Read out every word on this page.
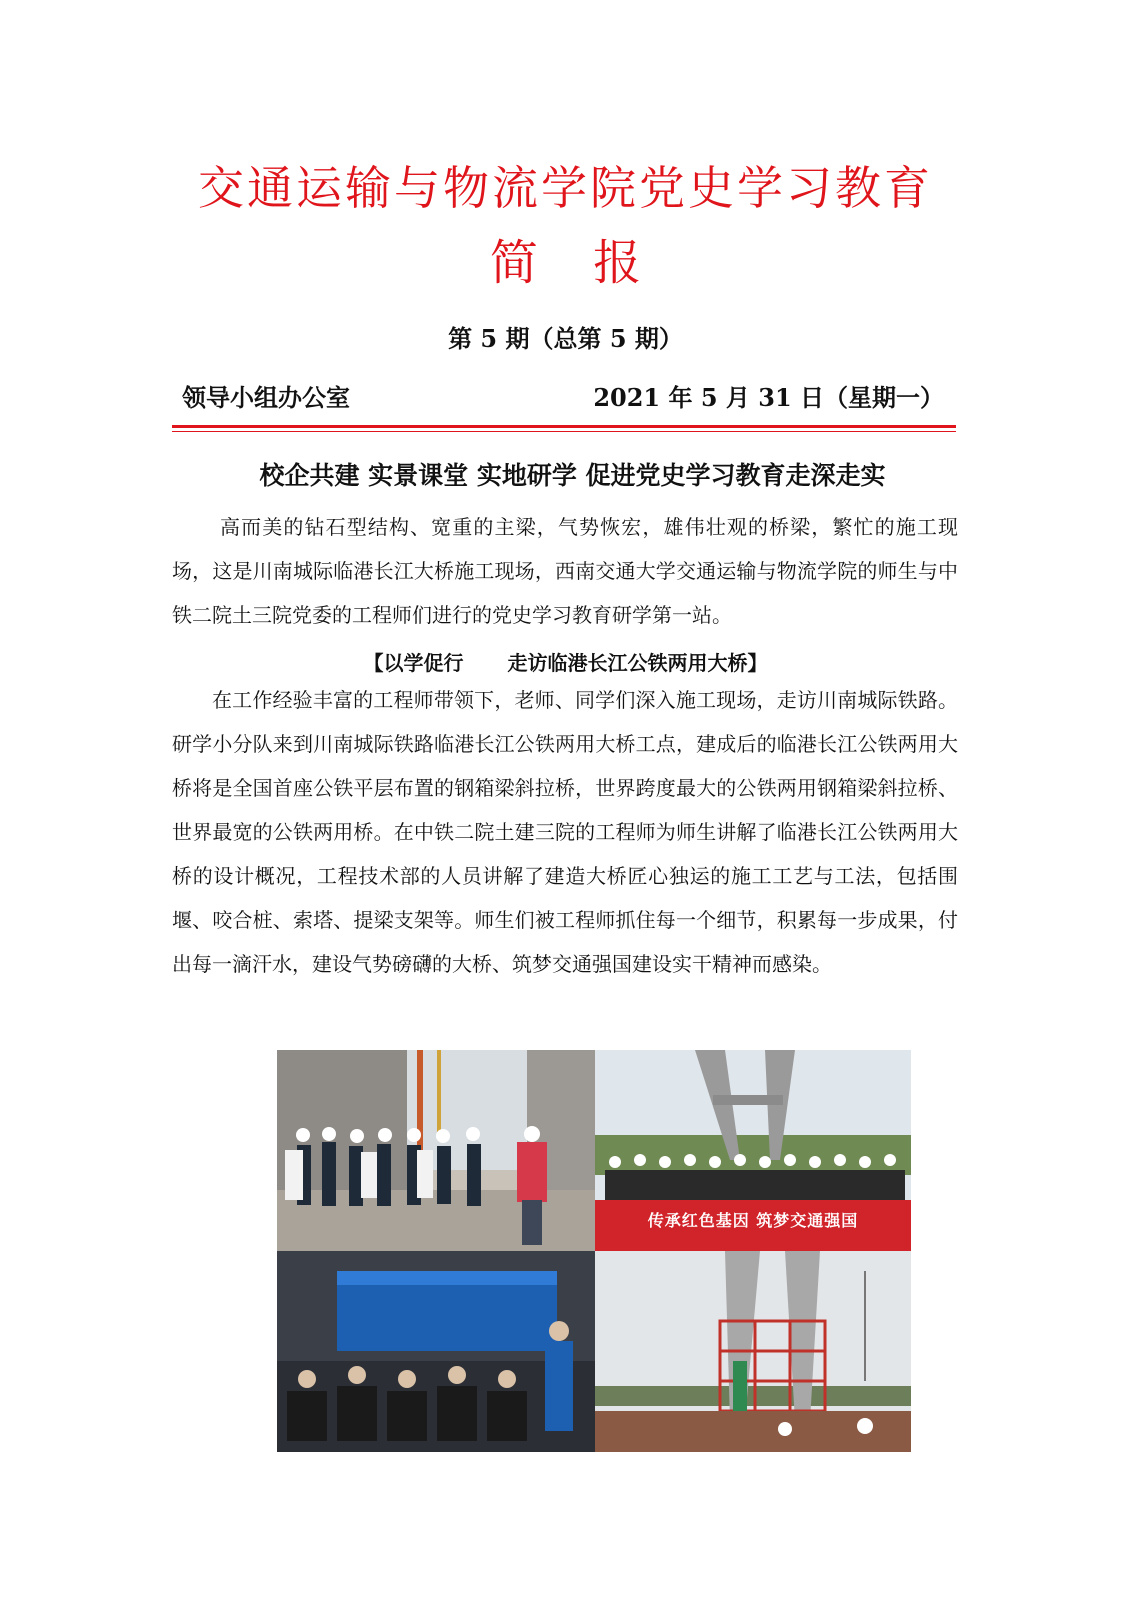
交通运输与物流学院党史学习教育
简 报
第 5 期（总第 5 期）
领导小组办公室	2021 年 5 月 31 日（星期一）
校企共建 实景课堂 实地研学 促进党史学习教育走深走实
高而美的钻石型结构、宽重的主梁，气势恢宏，雄伟壮观的桥梁，繁忙的施工现场，这是川南城际临港长江大桥施工现场，西南交通大学交通运输与物流学院的师生与中铁二院土三院党委的工程师们进行的党史学习教育研学第一站。
【以学促行 走访临港长江公铁两用大桥】
在工作经验丰富的工程师带领下，老师、同学们深入施工现场，走访川南城际铁路。研学小分队来到川南城际铁路临港长江公铁两用大桥工点，建成后的临港长江公铁两用大桥将是全国首座公铁平层布置的钢箱梁斜拉桥，世界跨度最大的公铁两用钢箱梁斜拉桥、世界最宽的公铁两用桥。在中铁二院土建三院的工程师为师生讲解了临港长江公铁两用大桥的设计概况，工程技术部的人员讲解了建造大桥匠心独运的施工工艺与工法，包括围堰、咬合桩、索塔、提梁支架等。师生们被工程师抓住每一个细节，积累每一步成果，付出每一滴汗水，建设气势磅礴的大桥、筑梦交通强国建设实干精神而感染。
传承红色基因 筑梦交通强国
